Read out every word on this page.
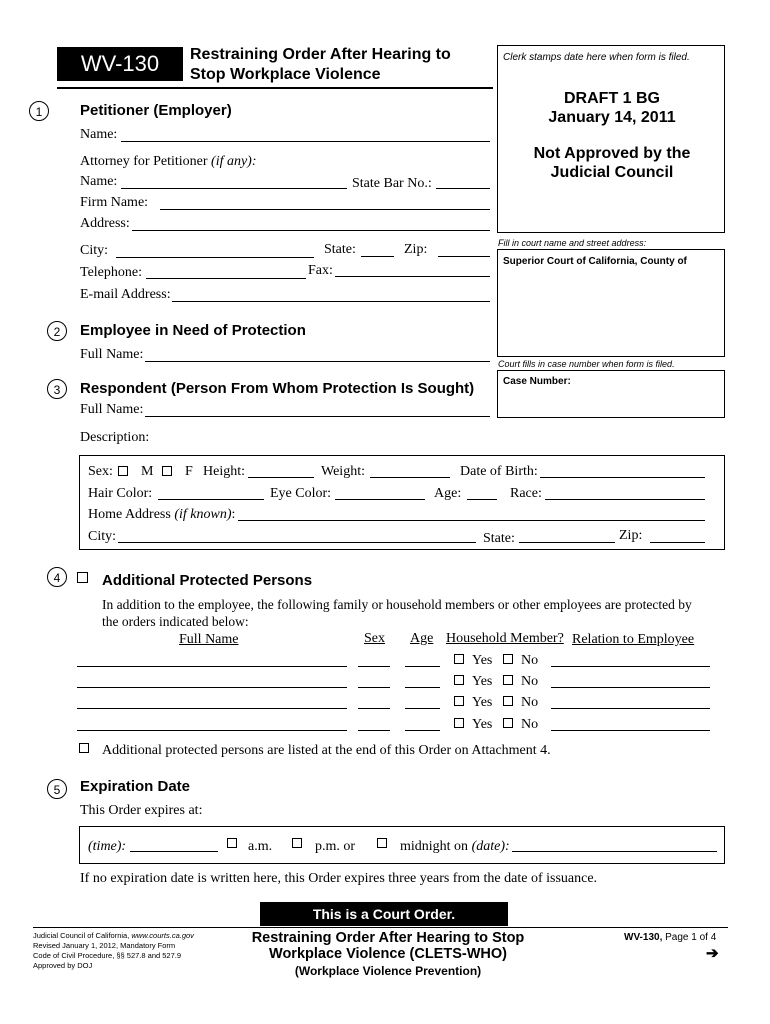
WV-130	Restraining Order After Hearing to
Stop Workplace Violence
Clerk stamps date here when form is filed.
DRAFT 1 BG
January 14, 2011
Not Approved by the
Judicial Council
Fill in court name and street address:
Superior Court of California, County of
Court fills in case number when form is filed.
Case Number:
1	Petitioner (Employer)
Name:
Attorney for Petitioner (if any):
Name:	State Bar No.:
Firm Name:
Address:
City:	State:	Zip:
Telephone:	Fax:
E-mail Address:
2	Employee in Need of Protection
Full Name:
3	Respondent (Person From Whom Protection Is Sought)
Full Name:
Description:
Sex: M F Height:	Weight:	Date of Birth:
Hair Color:	Eye Color:	Age:	Race:
Home Address (if known):
City:	State:	Zip:
4	Additional Protected Persons
In addition to the employee, the following family or household members or other employees are protected by
the orders indicated below:
Full Name	Sex Age Household Member? Relation to Employee
Yes No
Yes No
Yes No
Yes No
Additional protected persons are listed at the end of this Order on Attachment 4.
5	Expiration Date
This Order expires at:
(time):	a.m.	p.m. or	midnight on (date):
If no expiration date is written here, this Order expires three years from the date of issuance.
This is a Court Order.
Judicial Council of California, www.courts.ca.gov
Revised January 1, 2012, Mandatory Form
Code of Civil Procedure, §§ 527.8 and 527.9
Approved by DOJ
Restraining Order After Hearing to Stop
Workplace Violence (CLETS-WHO)
(Workplace Violence Prevention)
WV-130, Page 1 of 4
➔
